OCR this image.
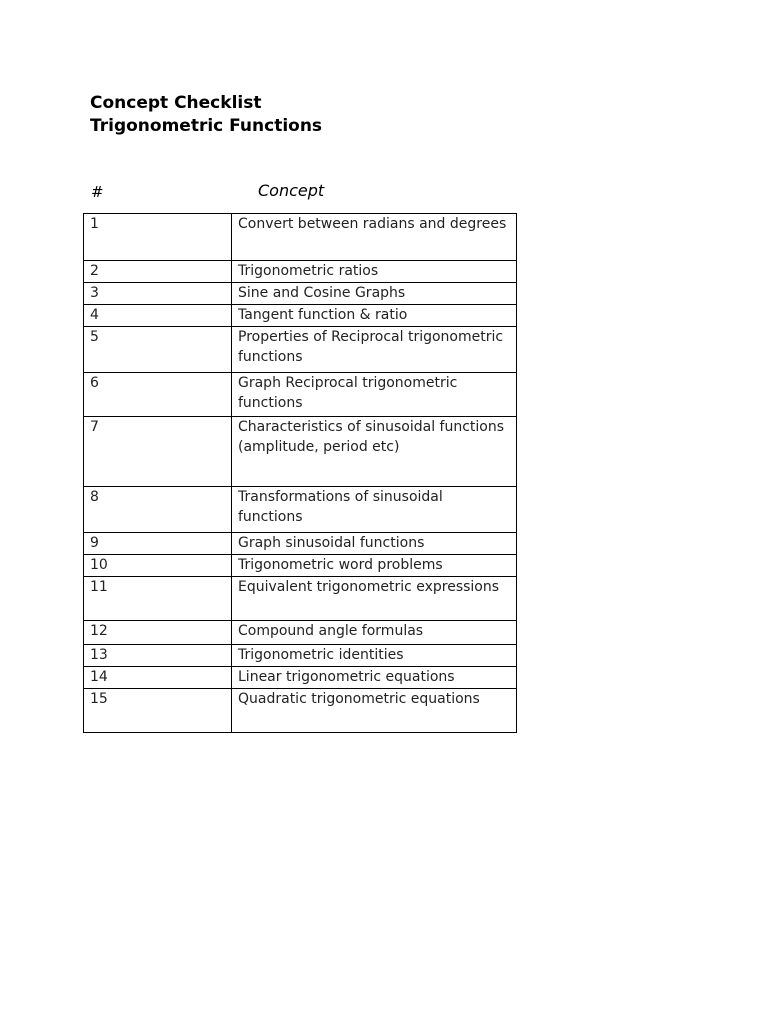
Concept Checklist
Trigonometric Functions
#	Concept
1	Convert between radians and degrees
2	Trigonometric ratios
3	Sine and Cosine Graphs
4	Tangent function & ratio
5	Properties of Reciprocal trigonometric functions
6	Graph Reciprocal trigonometric functions
7	Characteristics of sinusoidal functions (amplitude, period etc)
8	Transformations of sinusoidal functions
9	Graph sinusoidal functions
10	Trigonometric word problems
11	Equivalent trigonometric expressions
12	Compound angle formulas
13	Trigonometric identities
14	Linear trigonometric equations
15	Quadratic trigonometric equations
